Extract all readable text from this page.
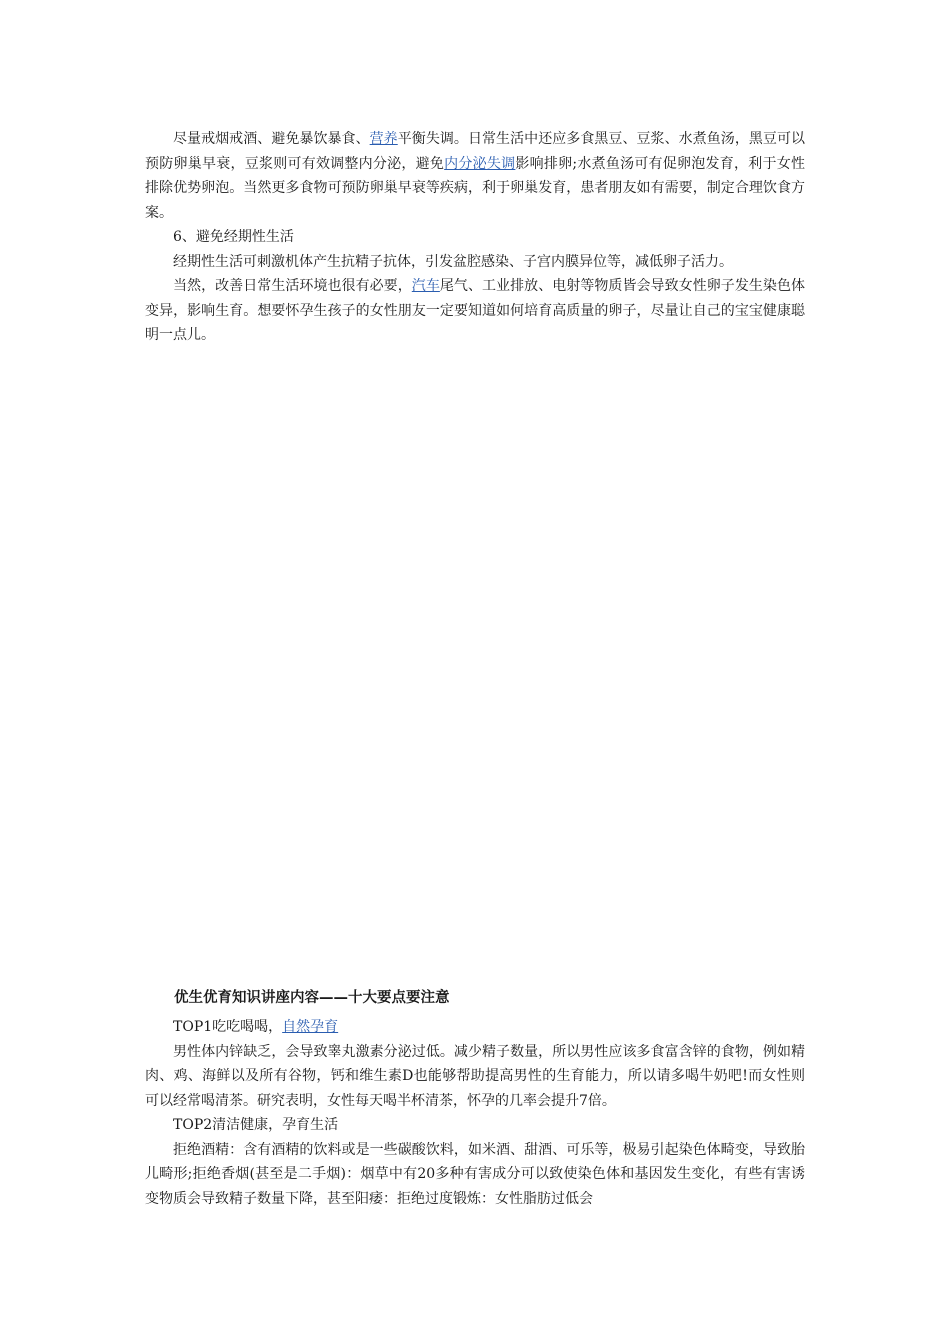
尽量戒烟戒酒、避免暴饮暴食、营养平衡失调。日常生活中还应多食黑豆、豆浆、水煮鱼汤，黑豆可以预防卵巢早衰，豆浆则可有效调整内分泌，避免内分泌失调影响排卵;水煮鱼汤可有促卵泡发育，利于女性排除优势卵泡。当然更多食物可预防卵巢早衰等疾病，利于卵巢发育，患者朋友如有需要，制定合理饮食方案。

6、避免经期性生活

经期性生活可刺激机体产生抗精子抗体，引发盆腔感染、子宫内膜异位等，减低卵子活力。

当然，改善日常生活环境也很有必要，汽车尾气、工业排放、电射等物质皆会导致女性卵子发生染色体变异，影响生育。想要怀孕生孩子的女性朋友一定要知道如何培育高质量的卵子，尽量让自己的宝宝健康聪明一点儿。

优生优育知识讲座内容——十大要点要注意

TOP1吃吃喝喝，自然孕育

男性体内锌缺乏，会导致睾丸激素分泌过低。减少精子数量，所以男性应该多食富含锌的食物，例如精肉、鸡、海鲜以及所有谷物，钙和维生素D也能够帮助提高男性的生育能力，所以请多喝牛奶吧!而女性则可以经常喝清茶。研究表明，女性每天喝半杯清茶，怀孕的几率会提升7倍。

TOP2清洁健康，孕育生活

拒绝酒精：含有酒精的饮料或是一些碳酸饮料，如米酒、甜酒、可乐等，极易引起染色体畸变，导致胎儿畸形;拒绝香烟(甚至是二手烟)：烟草中有20多种有害成分可以致使染色体和基因发生变化，有些有害诱变物质会导致精子数量下降，甚至阳痿：拒绝过度锻炼：女性脂肪过低会
